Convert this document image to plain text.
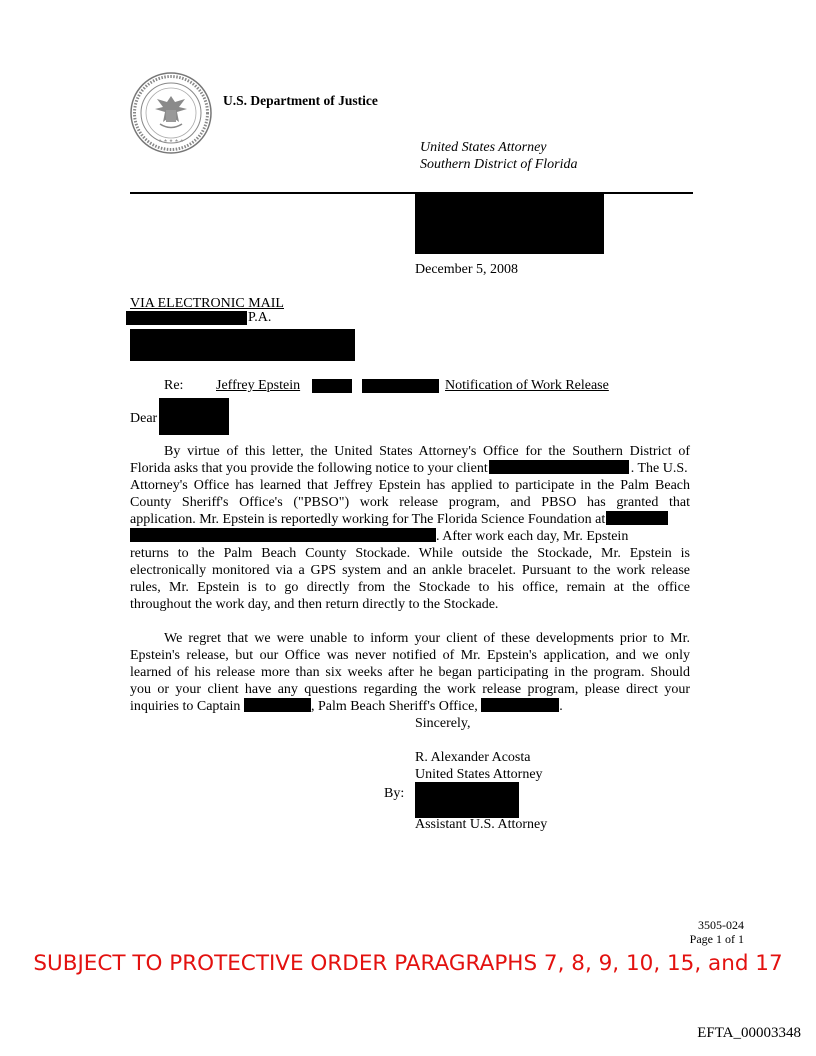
★ ★ ★ ★ ★
U.S. Department of Justice
United States Attorney
Southern District of Florida
December 5, 2008
VIA ELECTRONIC MAIL
P.A.
Re: Jeffrey Epstein	Notification of Work Release
Dear
By virtue of this letter, the United States Attorney's Office for the Southern District of
Florida asks that you provide the following notice to your client	. The U.S.
Attorney's Office has learned that Jeffrey Epstein has applied to participate in the Palm Beach
County Sheriff's Office's ("PBSO") work release program, and PBSO has granted that
application. Mr. Epstein is reportedly working for The Florida Science Foundation at
. After work each day, Mr. Epstein
returns to the Palm Beach County Stockade. While outside the Stockade, Mr. Epstein is
electronically monitored via a GPS system and an ankle bracelet. Pursuant to the work release
rules, Mr. Epstein is to go directly from the Stockade to his office, remain at the office
throughout the work day, and then return directly to the Stockade.
We regret that we were unable to inform your client of these developments prior to Mr.
Epstein's release, but our Office was never notified of Mr. Epstein's application, and we only
learned of his release more than six weeks after he began participating in the program. Should
you or your client have any questions regarding the work release program, please direct your
inquiries to Captain	, Palm Beach Sheriff's Office,	.
Sincerely,
R. Alexander Acosta
United States Attorney
By:
Assistant U.S. Attorney
3505-024
Page 1 of 1
SUBJECT TO PROTECTIVE ORDER PARAGRAPHS 7, 8, 9, 10, 15, and 17
EFTA_00003348
